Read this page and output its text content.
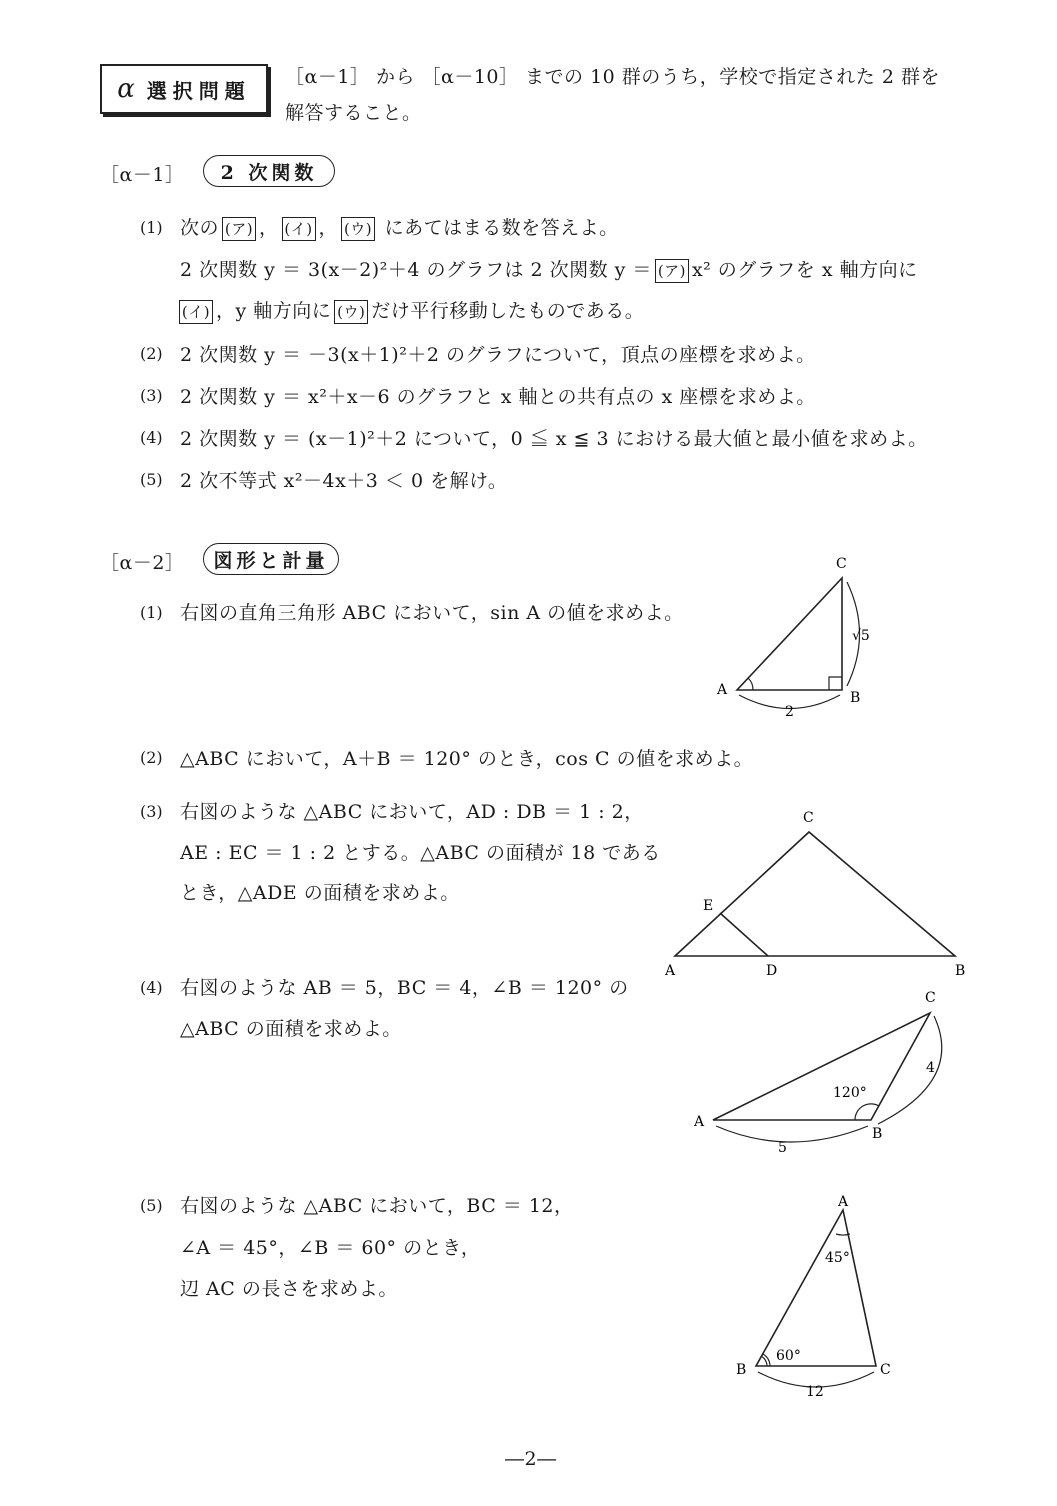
α 選択問題
［α－1］ から ［α－10］ までの 10 群のうち，学校で指定された 2 群を
解答すること。
［α－1］	2 次関数
(1) 次の (ア) ， (イ) ， (ウ) にあてはまる数を答えよ。
2 次関数 y ＝ 3(x－2)²＋4 のグラフは 2 次関数 y ＝ (ア) x² のグラフを x 軸方向に
(イ) ，y 軸方向に (ウ) だけ平行移動したものである。
(2) 2 次関数 y ＝ －3(x＋1)²＋2 のグラフについて，頂点の座標を求めよ。
(3) 2 次関数 y ＝ x²＋x－6 のグラフと x 軸との共有点の x 座標を求めよ。
(4) 2 次関数 y ＝ (x－1)²＋2 について，0 ≦ x ≦ 3 における最大値と最小値を求めよ。
(5) 2 次不等式 x²－4x＋3 ＜ 0 を解け。
［α－2］	図形と計量
(1) 右図の直角三角形 ABC において，sin A の値を求めよ。
(2) △ABC において，A＋B ＝ 120° のとき，cos C の値を求めよ。
(3) 右図のような △ABC において，AD : DB ＝ 1 : 2，
AE : EC ＝ 1 : 2 とする。△ABC の面積が 18 である
とき，△ADE の面積を求めよ。
(4) 右図のような AB ＝ 5，BC ＝ 4，∠B ＝ 120° の
△ABC の面積を求めよ。
(5) 右図のような △ABC において，BC ＝ 12，
∠A ＝ 45°，∠B ＝ 60° のとき，
辺 AC の長さを求めよ。
C
A	B
2
√5
C
E
A	D	B
C
A
B
5
4
120°
A
B	C
45°
60°
12
―2―
